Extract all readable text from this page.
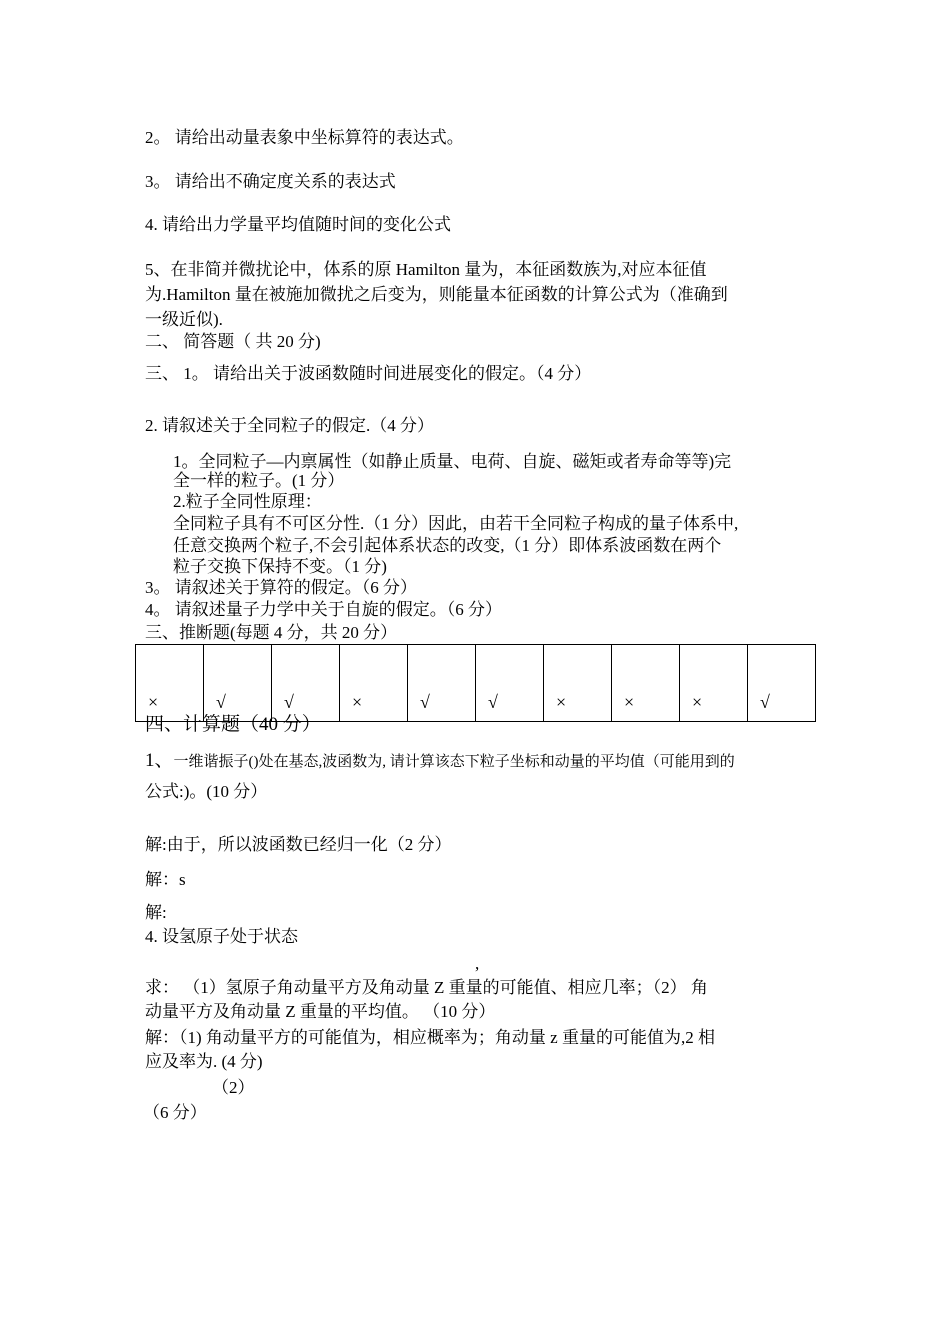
2。 请给出动量表象中坐标算符的表达式。
3。 请给出不确定度关系的表达式
4. 请给出力学量平均值随时间的变化公式
5、在非简并微扰论中，体系的原 Hamilton 量为，本征函数族为,对应本征值
为.Hamilton 量在被施加微扰之后变为，则能量本征函数的计算公式为（准确到
一级近似).
二、 简答题（ 共 20 分)
三、 1。 请给出关于波函数随时间进展变化的假定。（4 分）
2. 请叙述关于全同粒子的假定.（4 分）
1。全同粒子—内禀属性（如静止质量、电荷、自旋、磁矩或者寿命等等)完
全一样的粒子。(1 分）
2.粒子全同性原理：
全同粒子具有不可区分性.（1 分）因此，由若干全同粒子构成的量子体系中,
任意交换两个粒子,不会引起体系状态的改变,（1 分）即体系波函数在两个
粒子交换下保持不变。（1 分)
3。 请叙述关于算符的假定。（6 分）
4。 请叙述量子力学中关于自旋的假定。（6 分）
三、推断题(每题 4 分，共 20 分）
×	√	√	×	√	√	×	×	×	√
四、计算题（40 分）
1、一维谐振子()处在基态,波函数为, 请计算该态下粒子坐标和动量的平均值（可能用到的
公式:)。(10 分）
解:由于，所以波函数已经归一化（2 分）
解：s
解:
4. 设氢原子处于状态
,
求： （1）氢原子角动量平方及角动量 Z 重量的可能值、相应几率；（2） 角
动量平方及角动量 Z 重量的平均值。 （10 分）
解：（1) 角动量平方的可能值为，相应概率为；角动量 z 重量的可能值为,2 相
应及率为. (4 分)
（2）
（6 分）
